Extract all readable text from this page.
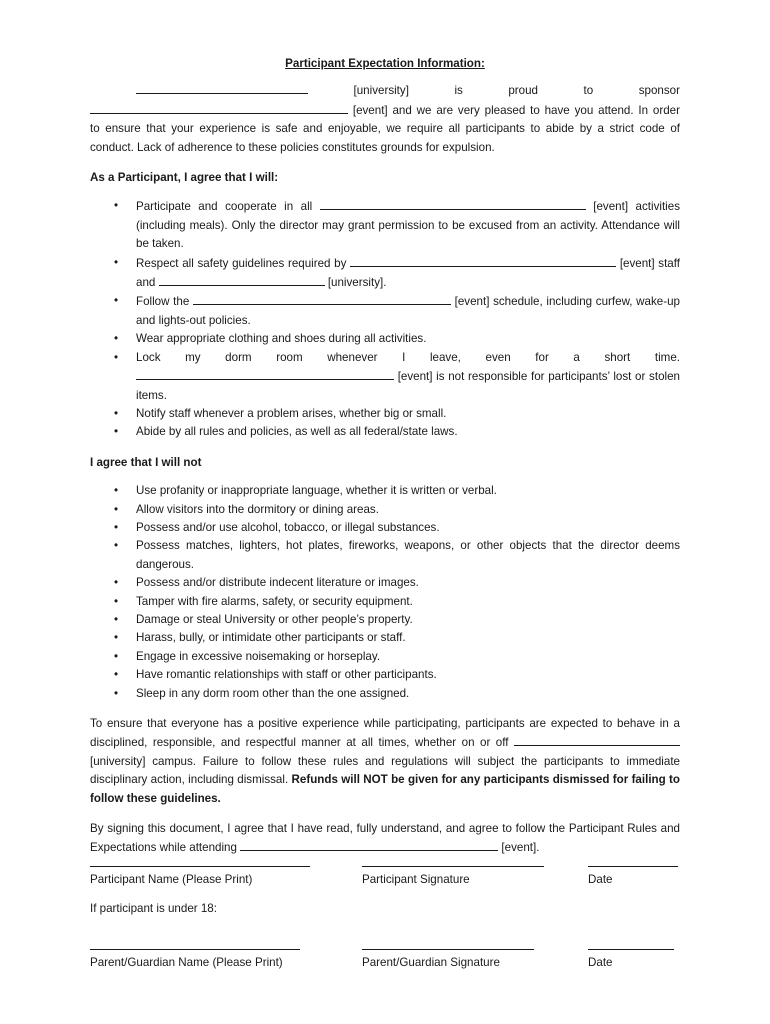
Participant Expectation Information:

[university]	is	proud	to	sponsor

[event] and we are very pleased to have you attend. In order

to ensure that your experience is safe and enjoyable, we require all participants to abide by a strict code of conduct. Lack of adherence to these policies constitutes grounds for expulsion.

As a Participant, I agree that I will:

• Participate and cooperate in all	[event] activities (including meals). Only the director may grant permission to be excused from an activity. Attendance will be taken.
• Respect all safety guidelines required by	[event] staff and	[university].
• Follow the	[event] schedule, including curfew, wake-up and lights-out policies.
• Wear appropriate clothing and shoes during all activities.
• Lock my dorm room whenever I leave, even for a short time.
[event] is not responsible for participants’ lost or stolen items.
• Notify staff whenever a problem arises, whether big or small.
• Abide by all rules and policies, as well as all federal/state laws.

I agree that I will not

• Use profanity or inappropriate language, whether it is written or verbal.
• Allow visitors into the dormitory or dining areas.
• Possess and/or use alcohol, tobacco, or illegal substances.
• Possess matches, lighters, hot plates, fireworks, weapons, or other objects that the director deems dangerous.
• Possess and/or distribute indecent literature or images.
• Tamper with fire alarms, safety, or security equipment.
• Damage or steal University or other people’s property.
• Harass, bully, or intimidate other participants or staff.
• Engage in excessive noisemaking or horseplay.
• Have romantic relationships with staff or other participants.
• Sleep in any dorm room other than the one assigned.

To ensure that everyone has a positive experience while participating, participants are expected to behave in a disciplined, responsible, and respectful manner at all times, whether on or off  [university] campus. Failure to follow these rules and regulations will subject the participants to immediate disciplinary action, including dismissal. Refunds will NOT be given for any participants dismissed for failing to follow these guidelines.

By signing this document, I agree that I have read, fully understand, and agree to follow the Participant Rules and Expectations while attending	[event].

Participant Name (Please Print)	Participant Signature	Date
If participant is under 18:
Parent/Guardian Name (Please Print)	Parent/Guardian Signature	Date
